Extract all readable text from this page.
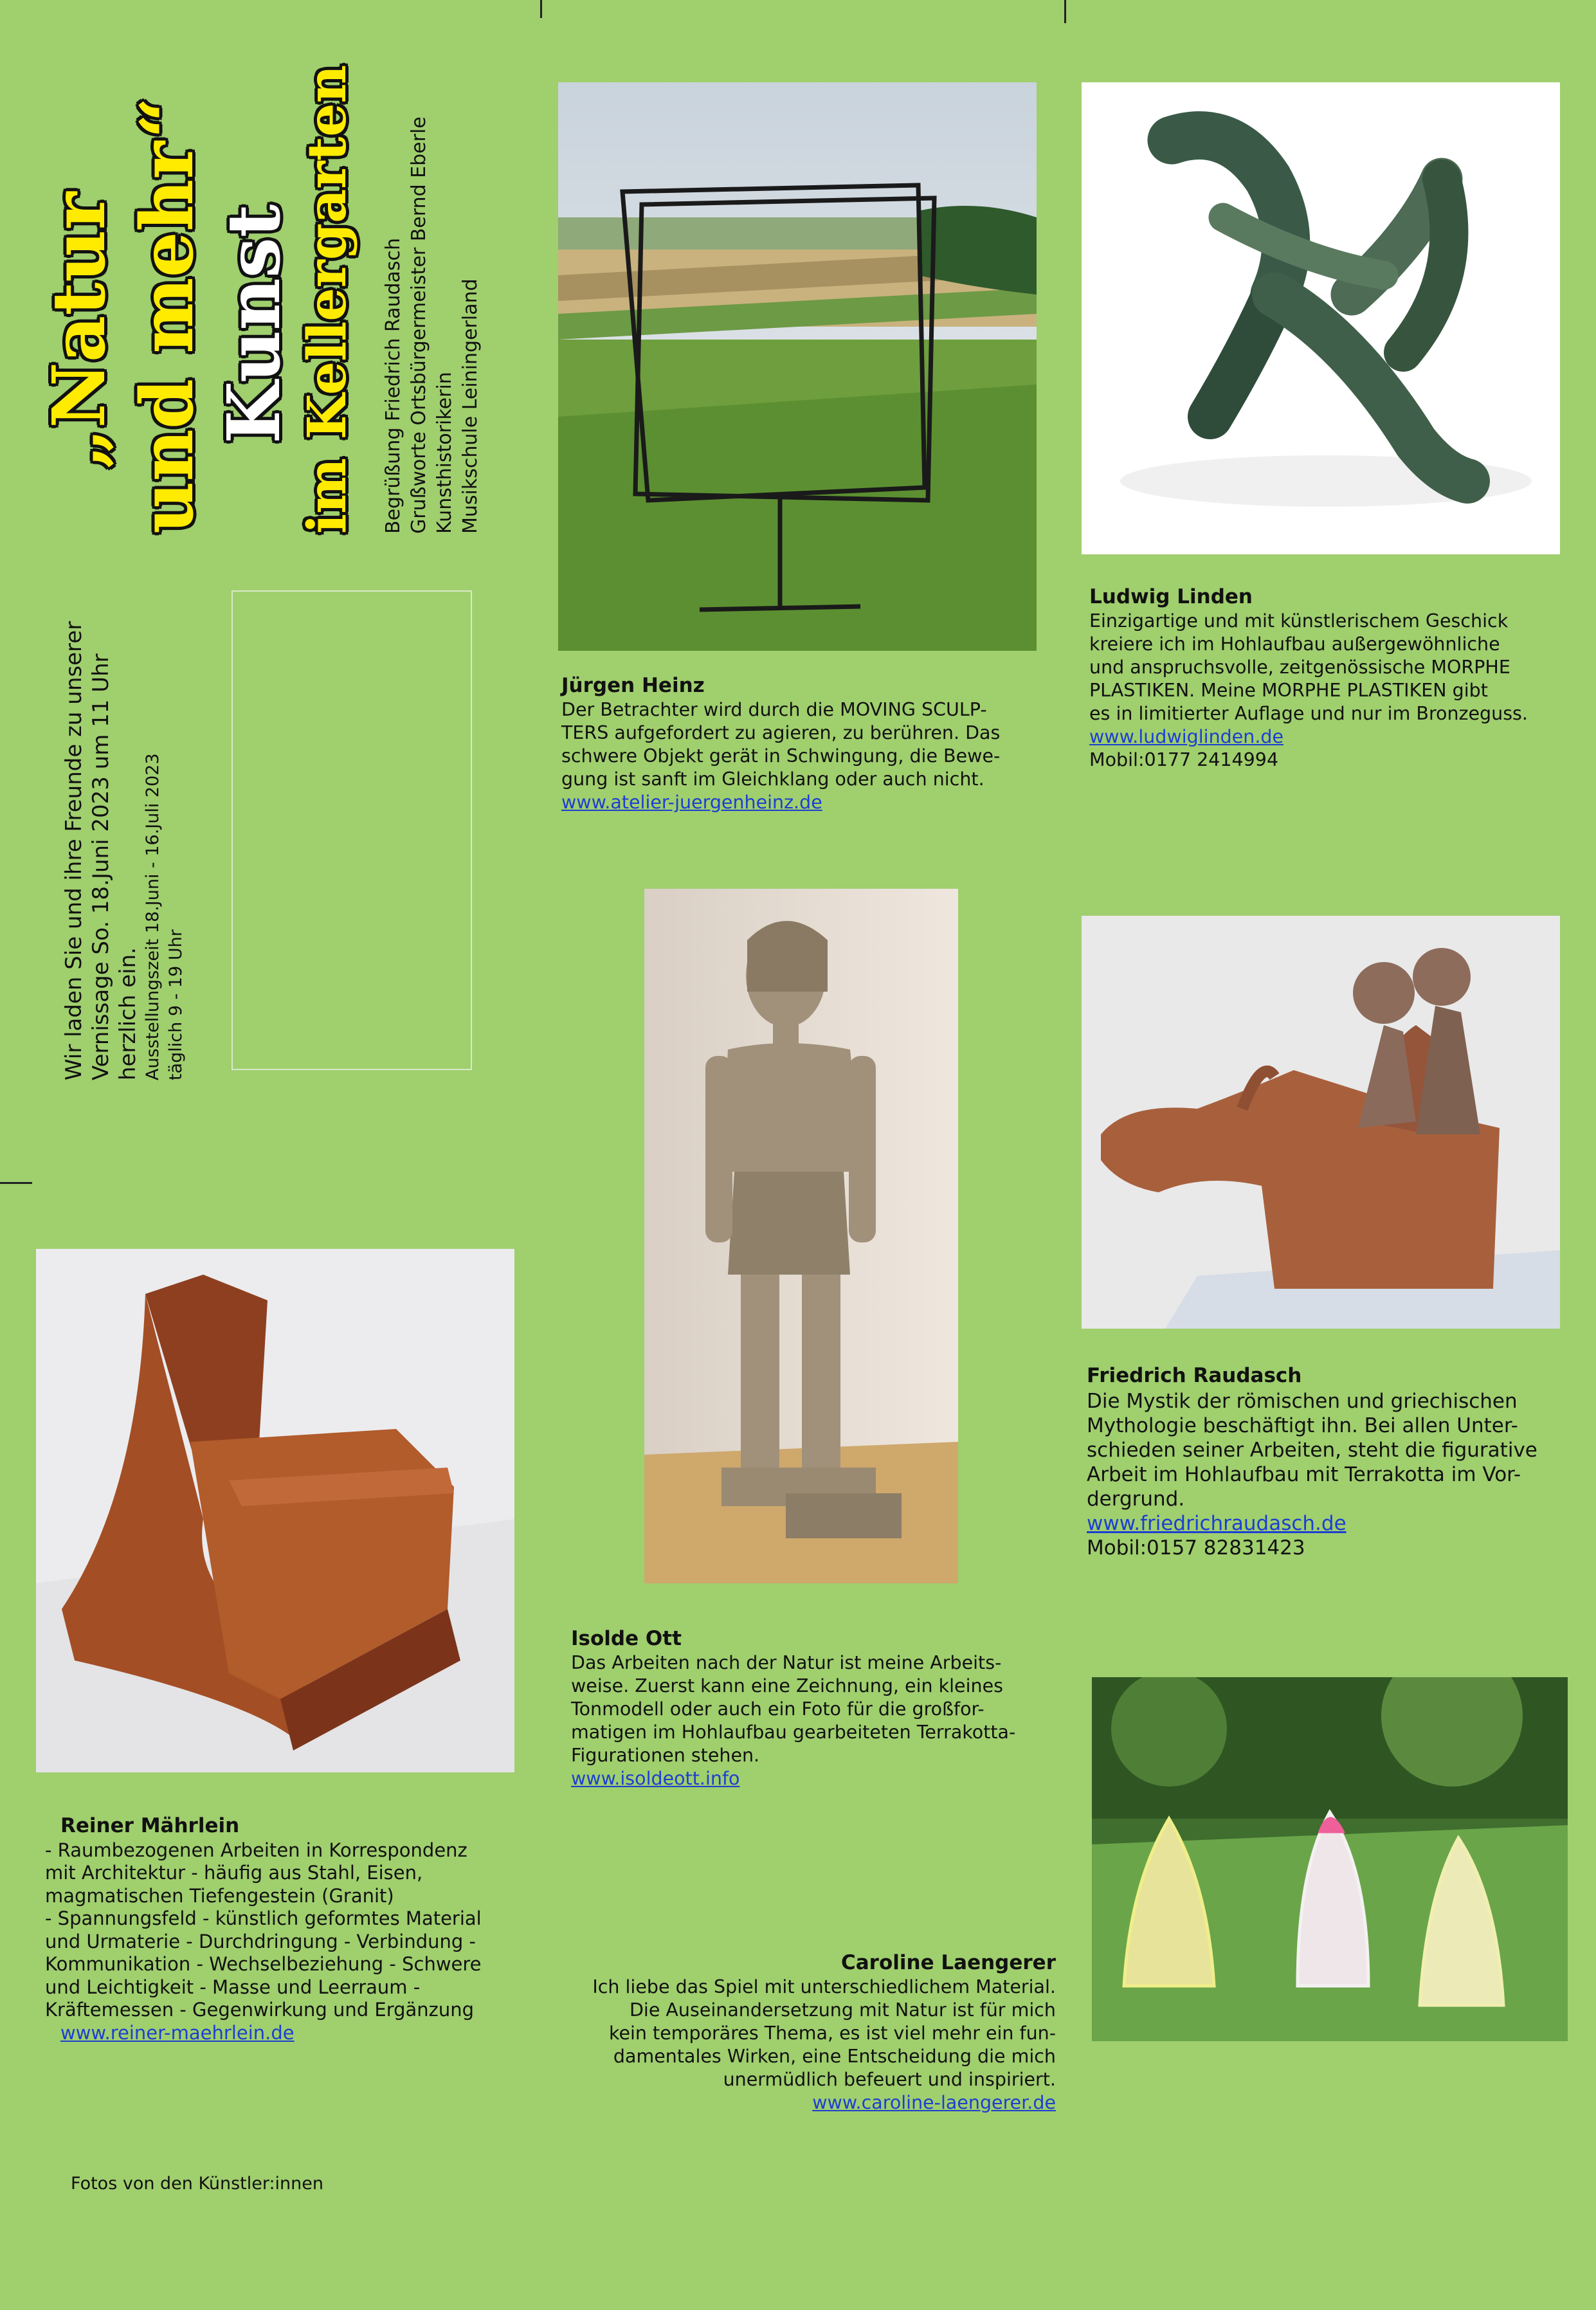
„Natur und mehr“ Kunst im Kellergarten Begrüßung Friedrich Raudasch Grußworte Ortsbürgermeister Bernd Eberle Kunsthistorikerin Musikschule Leiningerland
Wir laden Sie und ihre Freunde zu unserer Vernissage So. 18.Juni 2023 um 11 Uhr herzlich ein. Ausstellungszeit 18.Juni - 16.Juli 2023 täglich 9 - 19 Uhr
Jürgen Heinz

Der Betrachter wird durch die MOVING SCULP-
TERS aufgefordert zu agieren, zu berühren. Das
schwere Objekt gerät in Schwingung, die Bewe-
gung ist sanft im Gleichklang oder auch nicht.

www.atelier-juergenheinz.de
Ludwig Linden

Einzigartige und mit künstlerischem Geschick
kreiere ich im Hohlaufbau außergewöhnliche
und anspruchsvolle, zeitgenössische MORPHE
PLASTIKEN. Meine MORPHE PLASTIKEN gibt
es in limitierter Auflage und nur im Bronzeguss.

www.ludwiglinden.de
Mobil:0177 2414994
Friedrich Raudasch

Die Mystik der römischen und griechischen
Mythologie beschäftigt ihn. Bei allen Unter-
schieden seiner Arbeiten, steht die figurative
Arbeit im Hohlaufbau mit Terrakotta im Vor-
dergrund.

www.friedrichraudasch.de
Mobil:0157 82831423
Isolde Ott

Das Arbeiten nach der Natur ist meine Arbeits-
weise. Zuerst kann eine Zeichnung, ein kleines
Tonmodell oder auch ein Foto für die großfor-
matigen im Hohlaufbau gearbeiteten Terrakotta-
Figurationen stehen.

www.isoldeott.info
Reiner Mährlein

- Raumbezogenen Arbeiten in Korrespondenz
mit Architektur - häufig aus Stahl, Eisen,
magmatischen Tiefengestein (Granit)
- Spannungsfeld - künstlich geformtes Material
und Urmaterie - Durchdringung - Verbindung -
Kommunikation - Wechselbeziehung - Schwere
und Leichtigkeit - Masse und Leerraum -
Kräftemessen - Gegenwirkung und Ergänzung

www.reiner-maehrlein.de
Caroline Laengerer

Ich liebe das Spiel mit unterschiedlichem Material.
Die Auseinandersetzung mit Natur ist für mich
kein temporäres Thema, es ist viel mehr ein fun-
damentales Wirken, eine Entscheidung die mich
unermüdlich befeuert und inspiriert.

www.caroline-laengerer.de
Fotos von den Künstler:innen
